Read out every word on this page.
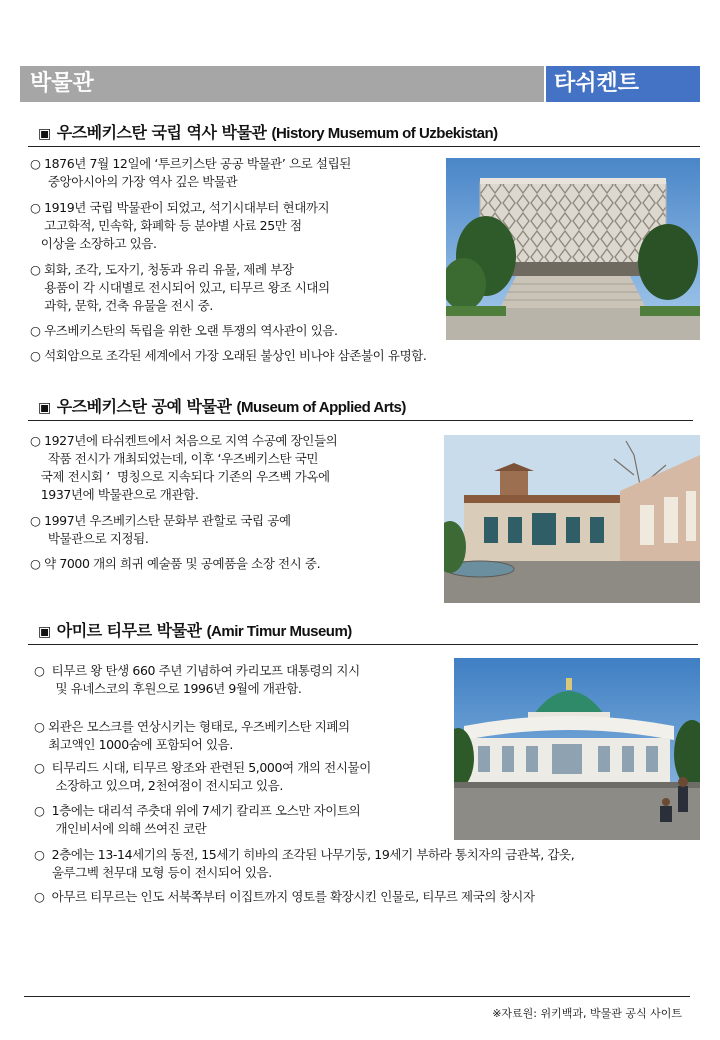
박물관	타쉬켄트
▣ 우즈베키스탄 국립 역사 박물관 (History Musemum of Uzbekistan)
○ 1876년 7월 12일에 ‘투르키스탄 공공 박물관’ 으로 설립된
중앙아시아의 가장 역사 깊은 박물관
○ 1919년 국립 박물관이 되었고, 석기시대부터 현대까지
고고학적, 민속학, 화폐학 등 분야별 사료 25만 점
이상을 소장하고 있음.
○ 회화, 조각, 도자기, 청동과 유리 유물, 제례 부장
용품이 각 시대별로 전시되어 있고, 티무르 왕조 시대의
과학, 문학, 건축 유물을 전시 중.
○ 우즈베키스탄의 독립을 위한 오랜 투쟁의 역사관이 있음.
○ 석회암으로 조각된 세계에서 가장 오래된 불상인 비나야 삼존불이 유명함.
▣ 우즈베키스탄 공예 박물관 (Museum of Applied Arts)
○ 1927년에 타쉬켄트에서 처음으로 지역 수공예 장인들의
작품 전시가 개최되었는데, 이후 ‘우즈베키스탄 국민
국제 전시회 ’  명칭으로 지속되다 기존의 우즈벡 가옥에
1937년에 박물관으로 개관함.
○ 1997년 우즈베키스탄 문화부 관할로 국립 공예
박물관으로 지정됨.
○ 약 7000 개의 희귀 예술품 및 공예품을 소장 전시 중.
▣ 아미르 티무르 박물관 (Amir Timur Museum)
○  티무르 왕 탄생 660 주년 기념하여 카리모프 대통령의 지시
및 유네스코의 후원으로 1996년 9월에 개관함.
○ 외관은 모스크를 연상시키는 형태로, 우즈베키스탄 지폐의
최고액인 1000숨에 포함되어 있음.
○  티무리드 시대, 티무르 왕조와 관련된 5,000여 개의 전시물이
소장하고 있으며, 2천여점이 전시되고 있음.
○  1층에는 대리석 주춧대 위에 7세기 칼리프 오스만 자이트의
개인비서에 의해 쓰여진 코란
○  2층에는 13-14세기의 동전, 15세기 히바의 조각된 나무기둥, 19세기 부하라 통치자의 금관복, 갑옷,
울루그벡 천무대 모형 등이 전시되어 있음.
○  아무르 티무르는 인도 서북쪽부터 이집트까지 영토를 확장시킨 인물로, 티무르 제국의 창시자
※자료원: 위키백과, 박물관 공식 사이트
